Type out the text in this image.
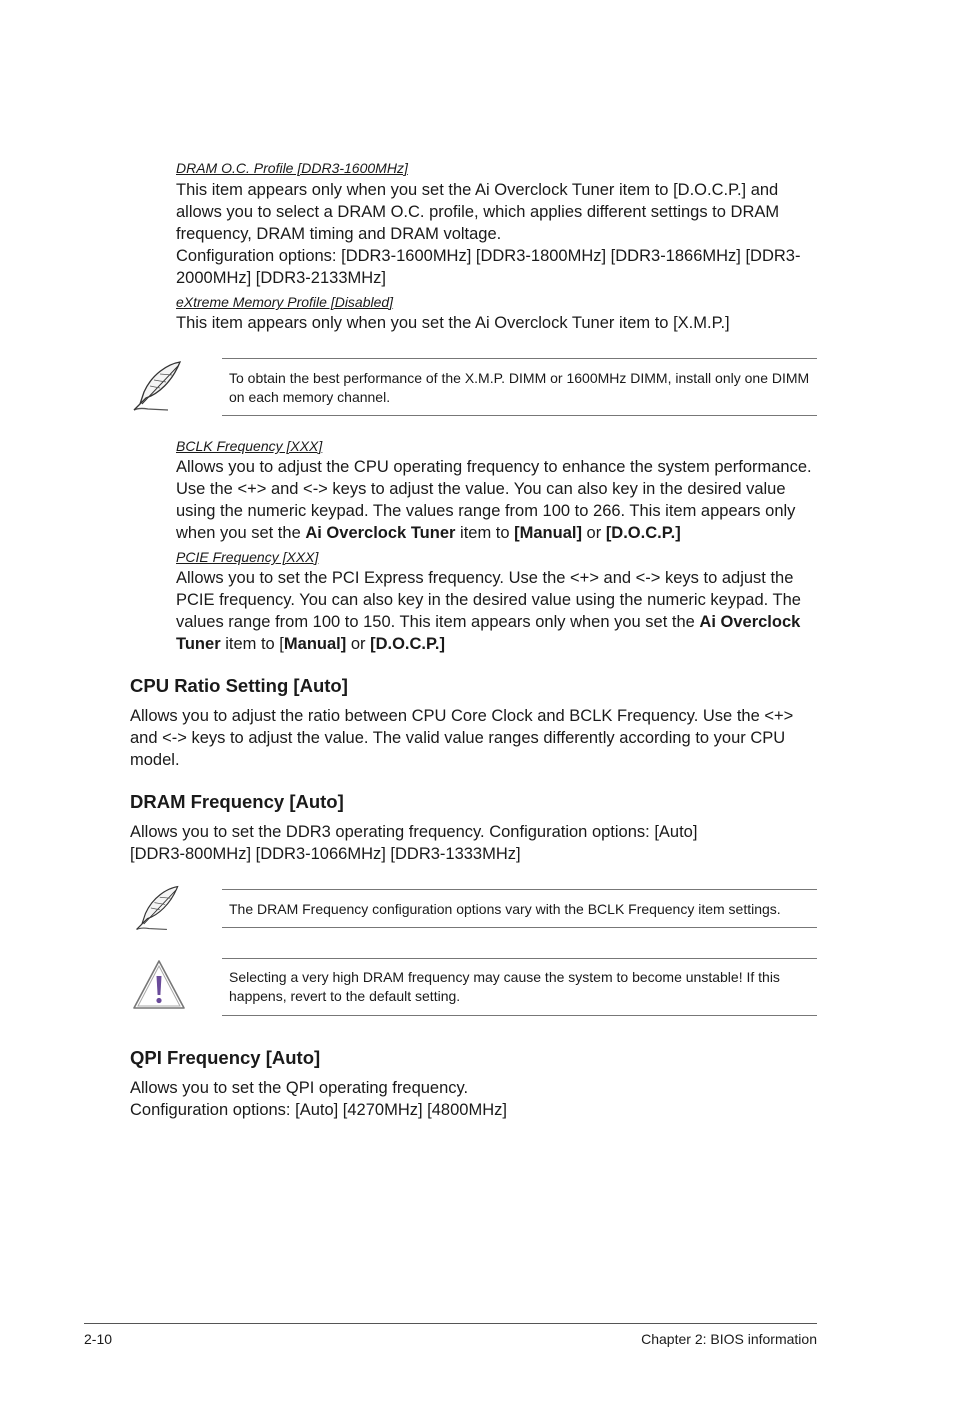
DRAM O.C. Profile [DDR3-1600MHz]
This item appears only when you set the Ai Overclock Tuner item to [D.O.C.P.] and allows you to select a DRAM O.C. profile, which applies different settings to DRAM frequency, DRAM timing and DRAM voltage.
Configuration options: [DDR3-1600MHz] [DDR3-1800MHz] [DDR3-1866MHz] [DDR3-2000MHz] [DDR3-2133MHz]
eXtreme Memory Profile [Disabled]
This item appears only when you set the Ai Overclock Tuner item to [X.M.P.]
To obtain the best performance of the X.M.P. DIMM or 1600MHz DIMM, install only one DIMM on each memory channel.
BCLK Frequency [XXX]
Allows you to adjust the CPU operating frequency to enhance the system performance. Use the <+> and <-> keys to adjust the value. You can also key in the desired value using the numeric keypad. The values range from 100 to 266. This item appears only when you set the Ai Overclock Tuner item to [Manual] or [D.O.C.P.]
PCIE Frequency [XXX]
Allows you to set the PCI Express frequency. Use the <+> and <-> keys to adjust the PCIE frequency. You can also key in the desired value using the numeric keypad. The values range from 100 to 150. This item appears only when you set the Ai Overclock Tuner item to [Manual] or [D.O.C.P.]
CPU Ratio Setting [Auto]
Allows you to adjust the ratio between CPU Core Clock and BCLK Frequency. Use the <+> and <-> keys to adjust the value. The valid value ranges differently according to your CPU model.
DRAM Frequency [Auto]
Allows you to set the DDR3 operating frequency. Configuration options: [Auto] [DDR3-800MHz] [DDR3-1066MHz] [DDR3-1333MHz]
The DRAM Frequency configuration options vary with the BCLK Frequency item settings.
Selecting a very high DRAM frequency may cause the system to become unstable! If this happens, revert to the default setting.
QPI Frequency [Auto]
Allows you to set the QPI operating frequency.
Configuration options: [Auto] [4270MHz] [4800MHz]
2-10	Chapter 2: BIOS information
